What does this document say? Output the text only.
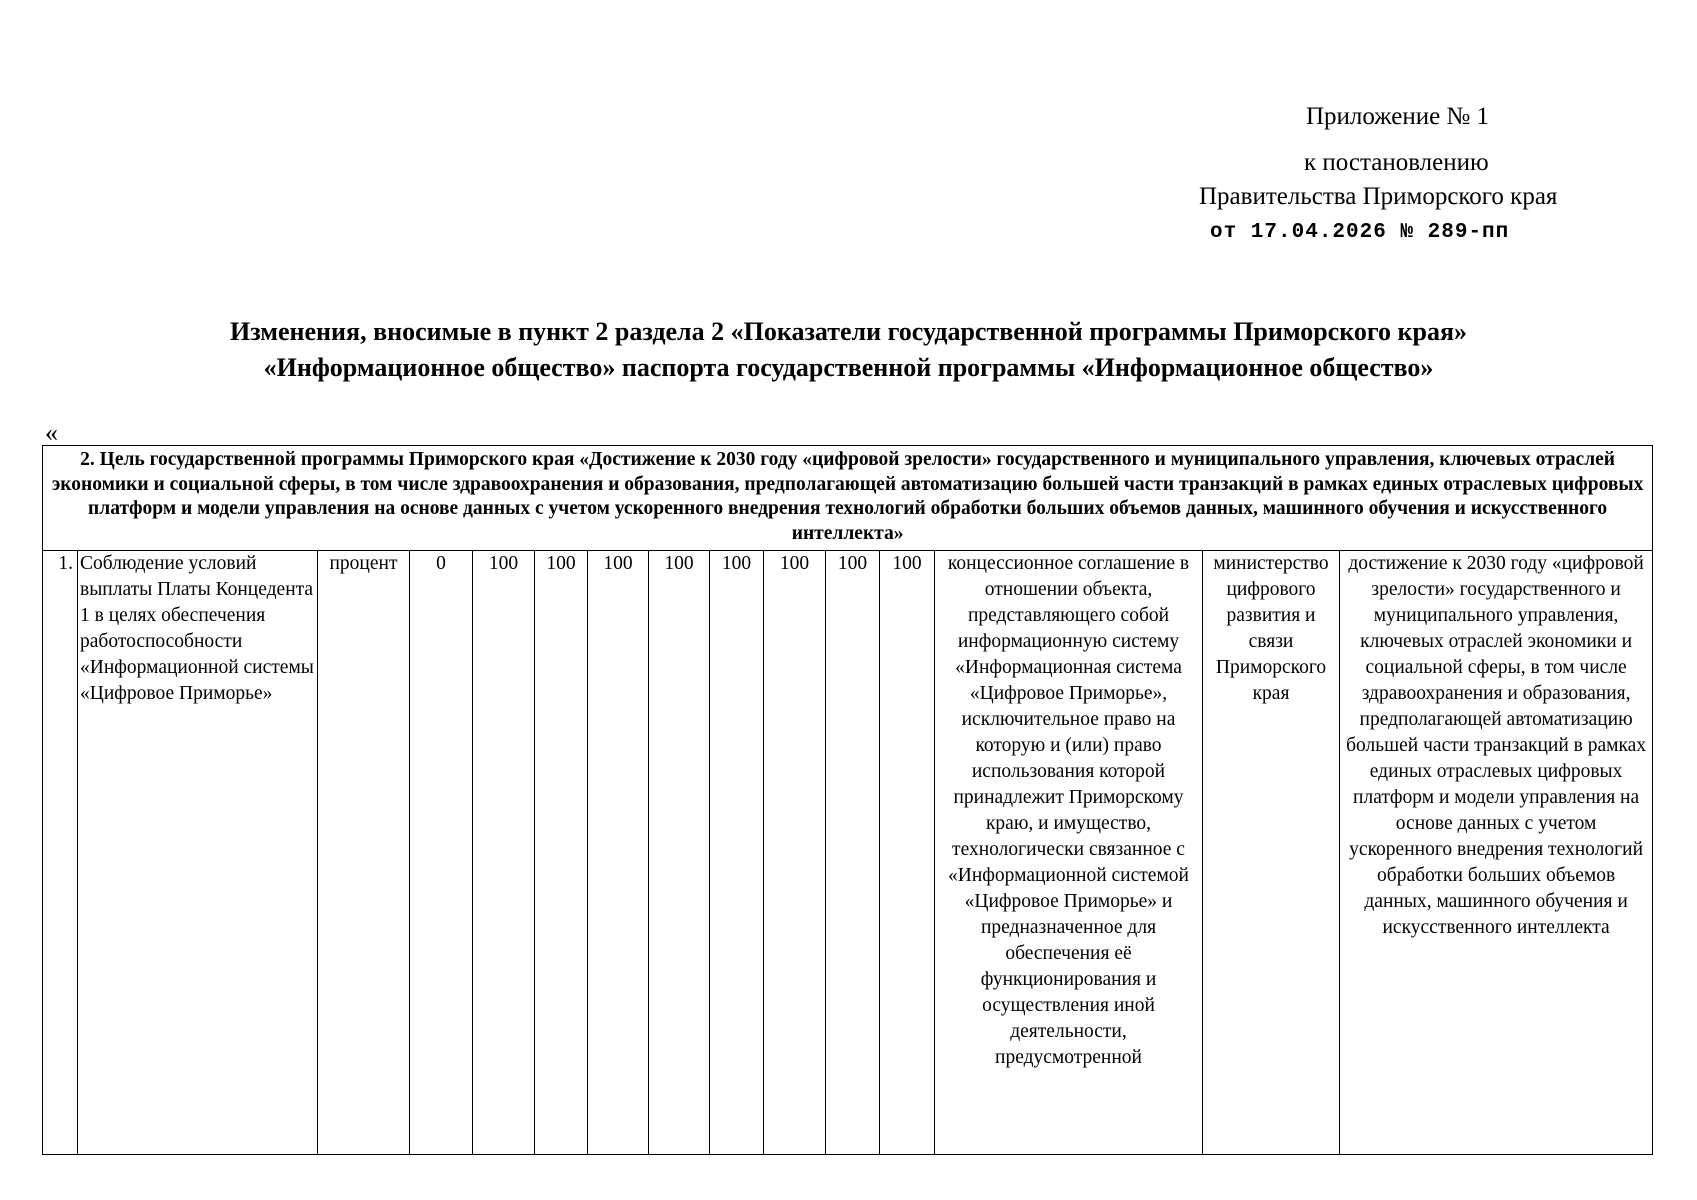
Приложение № 1
к постановлению
Правительства Приморского края
от 17.04.2026 № 289-пп
Изменения, вносимые в пункт 2 раздела 2 «Показатели государственной программы Приморского края»
«Информационное общество» паспорта государственной программы «Информационное общество»
«
2. Цель государственной программы Приморского края «Достижение к 2030 году «цифровой зрелости» государственного и муниципального управления, ключевых отраслей экономики и социальной сферы, в том числе здравоохранения и образования, предполагающей автоматизацию большей части транзакций в рамках единых отраслевых цифровых платформ и модели управления на основе данных с учетом ускоренного внедрения технологий обработки больших объемов данных, машинного обучения и искусственного интеллекта»
1.	Соблюдение условий выплаты Платы Концедента 1 в целях обеспечения работоспособности «Информационной системы «Цифровое Приморье»	процент	0	100	100	100	100	100	100	100	100	концессионное соглашение в отношении объекта, представляющего собой информационную систему «Информационная система «Цифровое Приморье», исключительное право на которую и (или) право использования которой принадлежит Приморскому краю, и имущество, технологически связанное с «Информационной системой «Цифровое Приморье» и предназначенное для обеспечения её функционирования и осуществления иной деятельности, предусмотренной	министерство цифрового развития и связи Приморского края	достижение к 2030 году «цифровой зрелости» государственного и муниципального управления, ключевых отраслей экономики и социальной сферы, в том числе здравоохранения и образования, предполагающей автоматизацию большей части транзакций в рамках единых отраслевых цифровых платформ и модели управления на основе данных с учетом ускоренного внедрения технологий обработки больших объемов данных, машинного обучения и искусственного интеллекта
